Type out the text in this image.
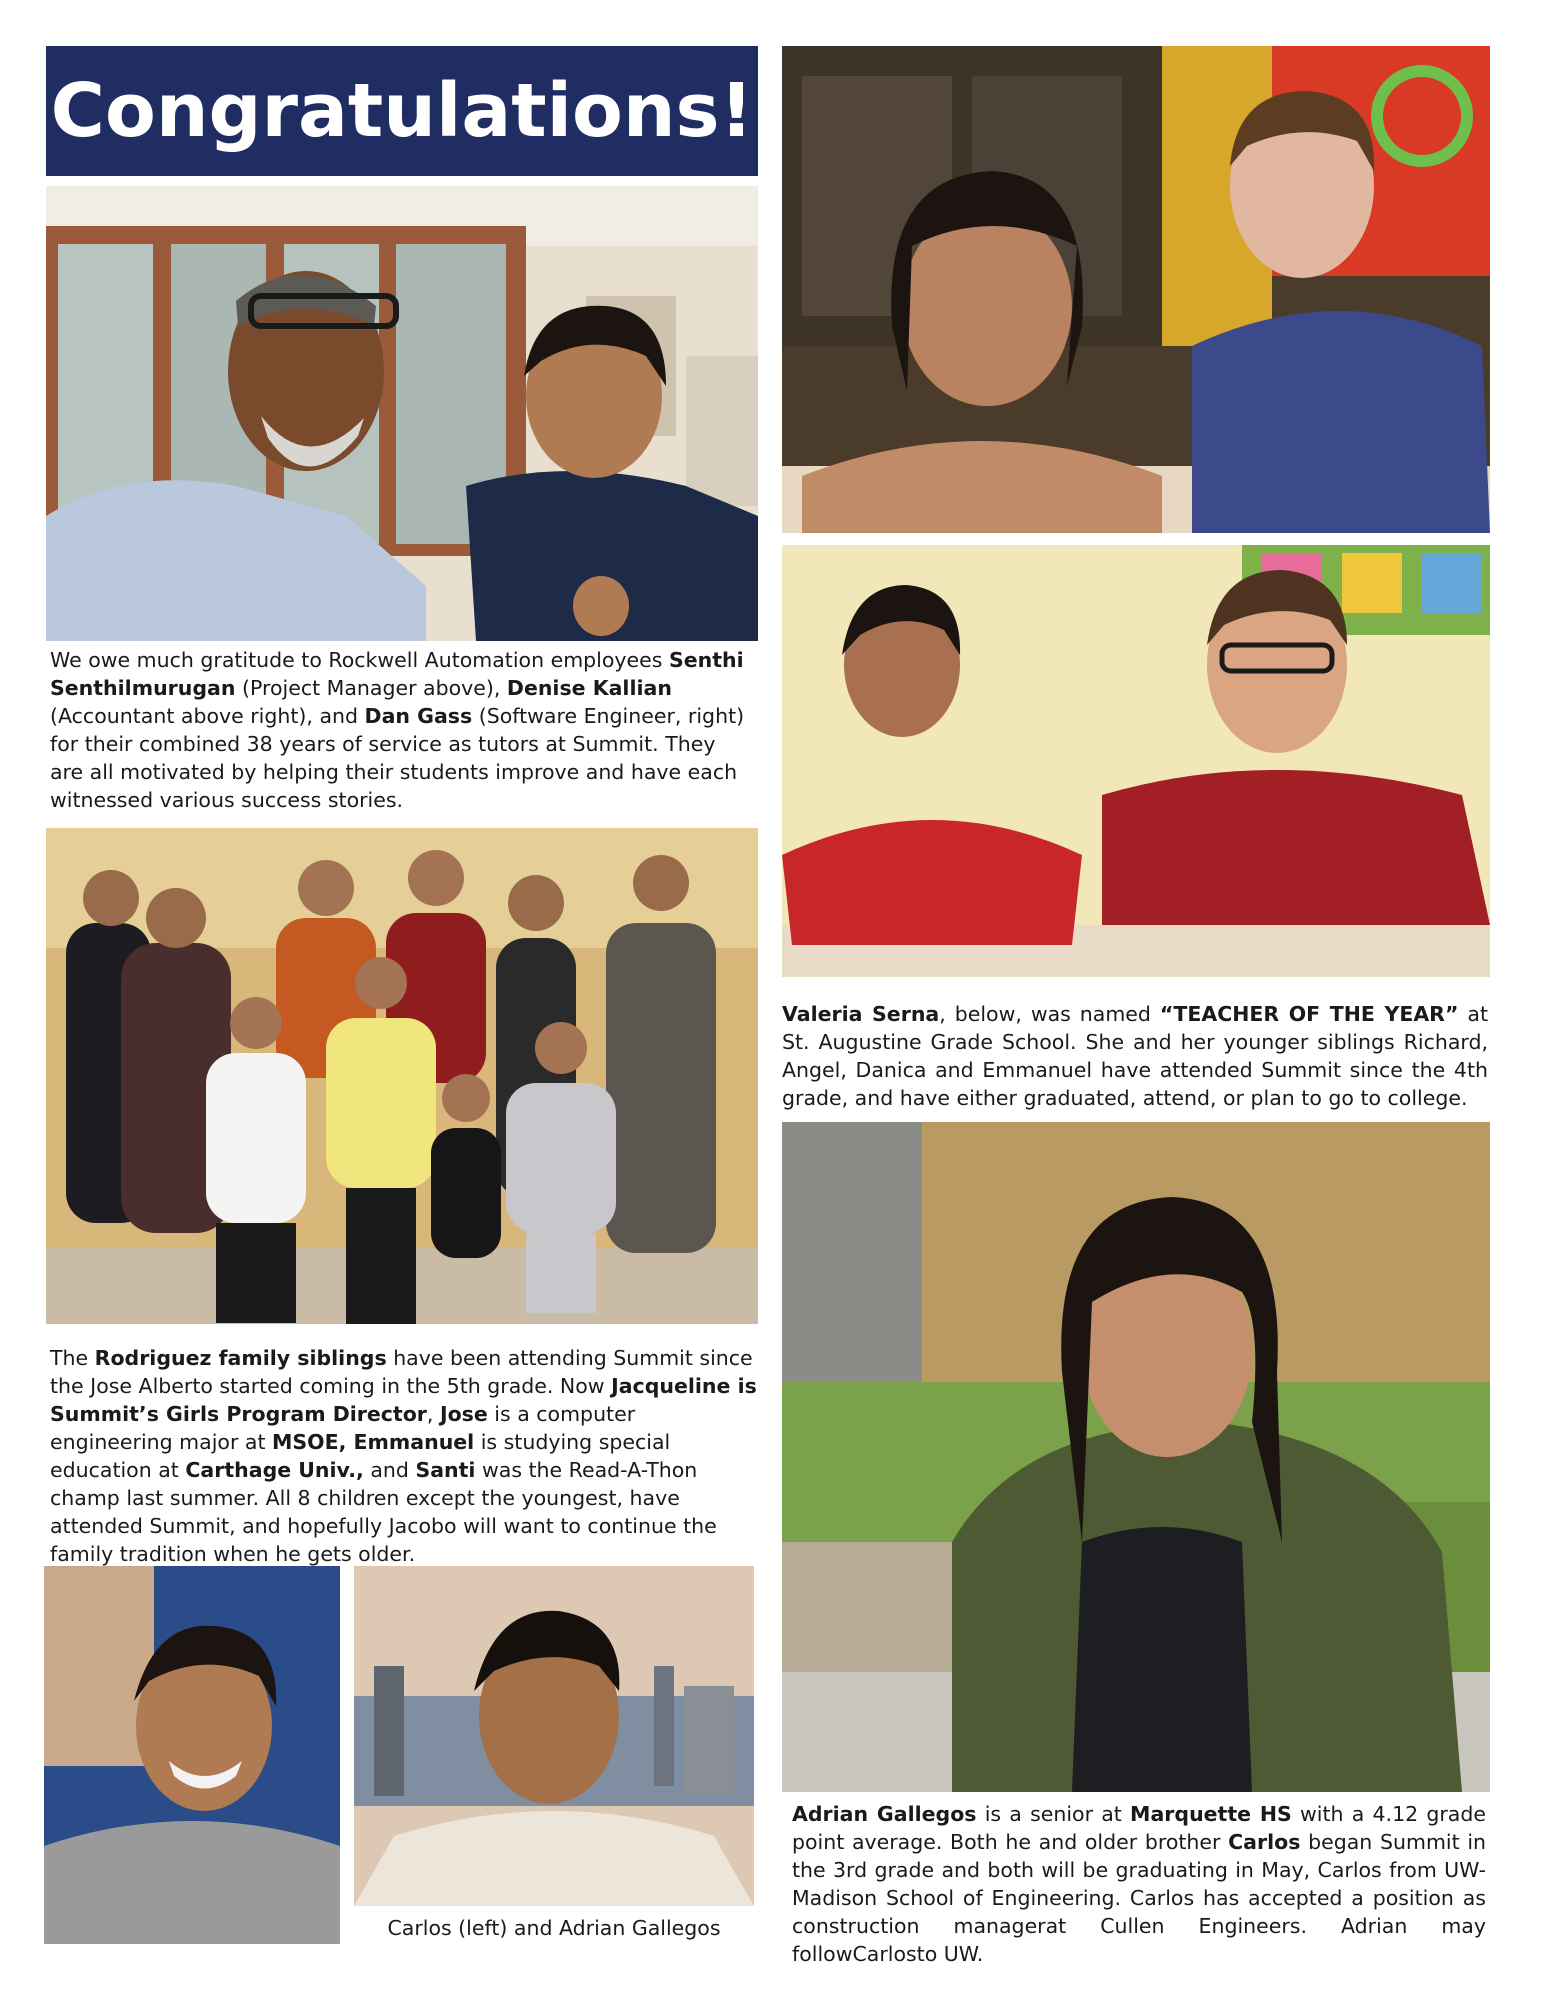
Congratulations!

We owe much gratitude to Rockwell Automation employees Senthi Senthilmurugan (Project Manager above), Denise Kallian (Accountant above right), and Dan Gass (Software Engineer, right) for their combined 38 years of service as tutors at Summit. They are all motivated by helping their students improve and have each witnessed various success stories.

The Rodriguez family siblings have been attending Summit since the Jose Alberto started coming in the 5th grade. Now Jacqueline is Summit’s Girls Program Director, Jose is a computer engineering major at MSOE, Emmanuel is studying special education at Carthage Univ., and Santi was the Read-A-Thon champ last summer. All 8 children except the youngest, have attended Summit, and hopefully Jacobo will want to continue the family tradition when he gets older.

Carlos (left) and Adrian Gallegos

Valeria Serna, below, was named “TEACHER OF THE YEAR” at St. Augustine Grade School. She and her younger siblings Richard, Angel, Danica and Emmanuel have attended Summit since the 4th grade, and have either graduated, attend, or plan to go to college.

Adrian Gallegos is a senior at Marquette HS with a 4.12 grade point average. Both he and older brother Carlos began Summit in the 3rd grade and both will be graduating in May, Carlos from UW-Madison School of Engineering. Carlos has accepted a position as construction managerat Cullen Engineers. Adrian may followCarlosto UW.
